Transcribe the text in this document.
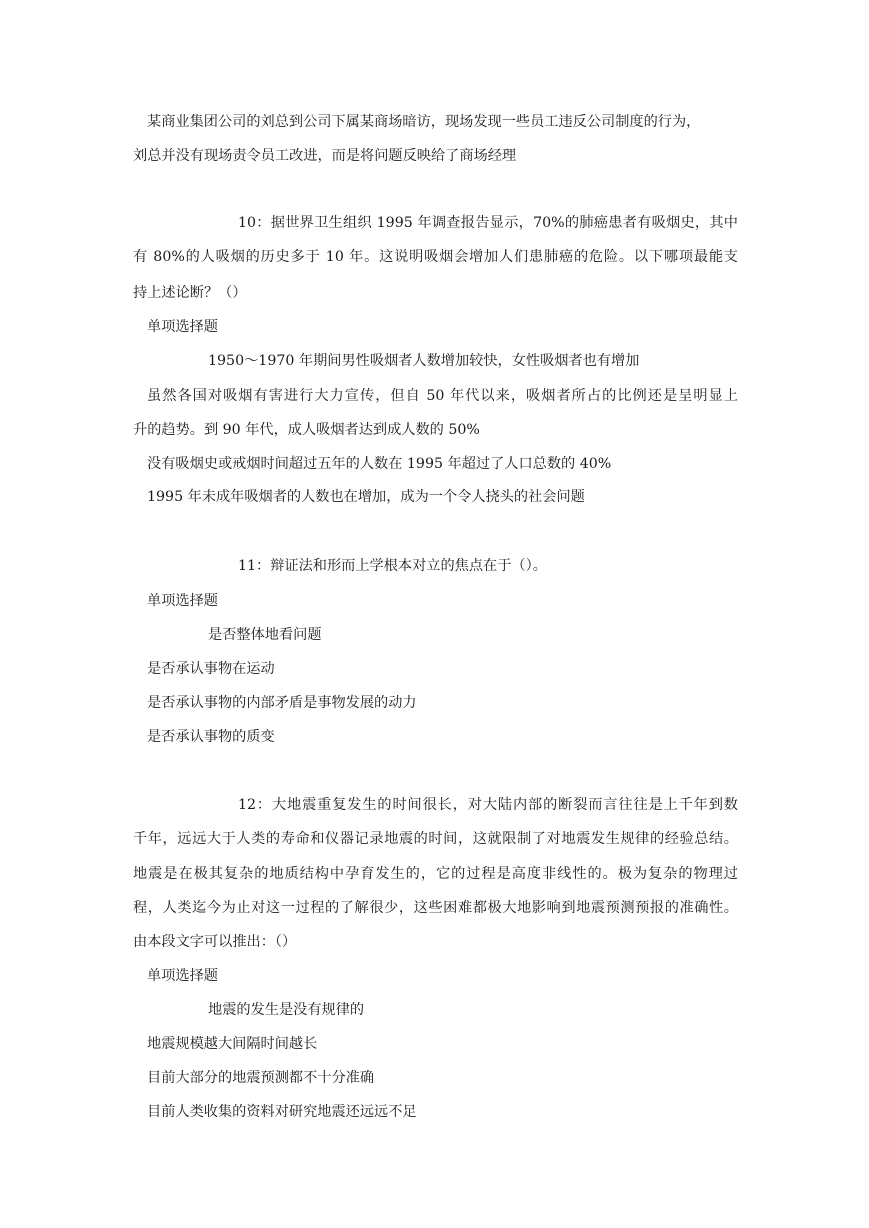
某商业集团公司的刘总到公司下属某商场暗访，现场发现一些员工违反公司制度的行为，
刘总并没有现场责令员工改进，而是将问题反映给了商场经理
10：据世界卫生组织 1995 年调查报告显示，70%的肺癌患者有吸烟史，其中
有 80%的人吸烟的历史多于 10 年。这说明吸烟会增加人们患肺癌的危险。以下哪项最能支
持上述论断？（）
单项选择题
1950～1970 年期间男性吸烟者人数增加较快，女性吸烟者也有增加
虽然各国对吸烟有害进行大力宣传，但自 50 年代以来，吸烟者所占的比例还是呈明显上
升的趋势。到 90 年代，成人吸烟者达到成人数的 50%
没有吸烟史或戒烟时间超过五年的人数在 1995 年超过了人口总数的 40%
1995 年未成年吸烟者的人数也在增加，成为一个令人挠头的社会问题
11：辩证法和形而上学根本对立的焦点在于（）。
单项选择题
是否整体地看问题
是否承认事物在运动
是否承认事物的内部矛盾是事物发展的动力
是否承认事物的质变
12：大地震重复发生的时间很长，对大陆内部的断裂而言往往是上千年到数
千年，远远大于人类的寿命和仪器记录地震的时间，这就限制了对地震发生规律的经验总结。
地震是在极其复杂的地质结构中孕育发生的，它的过程是高度非线性的。极为复杂的物理过
程，人类迄今为止对这一过程的了解很少，这些困难都极大地影响到地震预测预报的准确性。
由本段文字可以推出：（）
单项选择题
地震的发生是没有规律的
地震规模越大间隔时间越长
目前大部分的地震预测都不十分准确
目前人类收集的资料对研究地震还远远不足
